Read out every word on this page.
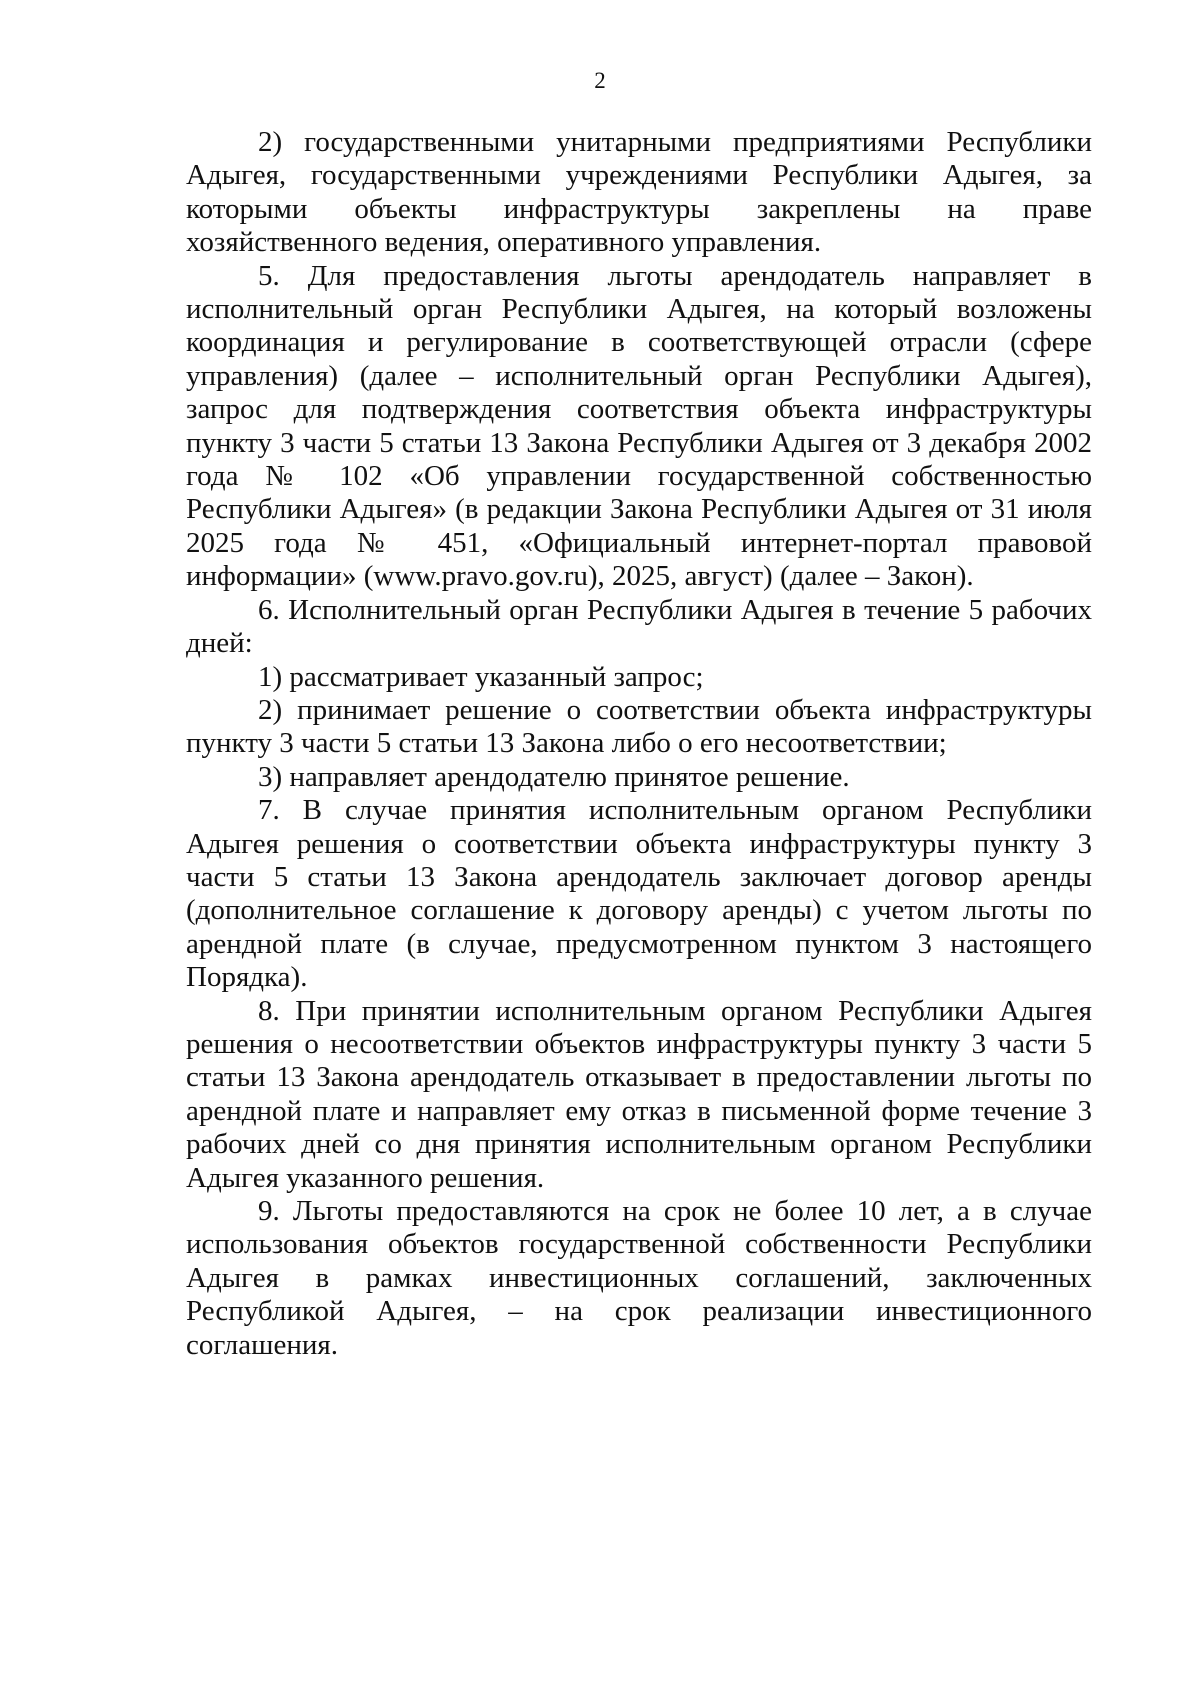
2

2) государственными унитарными предприятиями Республики Адыгея, государственными учреждениями Республики Адыгея, за которыми объекты инфраструктуры закреплены на праве хозяйственного ведения, оперативного управления.

5. Для предоставления льготы арендодатель направляет в исполнительный орган Республики Адыгея, на который возложены координация и регулирование в соответствующей отрасли (сфере управления) (далее – исполнительный орган Республики Адыгея), запрос для подтверждения соответствия объекта инфраструктуры пункту 3 части 5 статьи 13 Закона Республики Адыгея от 3 декабря 2002 года № 102 «Об управлении государственной собственностью Республики Адыгея» (в редакции Закона Республики Адыгея от 31 июля 2025 года № 451, «Официальный интернет-портал правовой информации» (www.pravo.gov.ru), 2025, август) (далее – Закон).

6. Исполнительный орган Республики Адыгея в течение 5 рабочих дней:

1) рассматривает указанный запрос;

2) принимает решение о соответствии объекта инфраструктуры пункту 3 части 5 статьи 13 Закона либо о его несоответствии;

3) направляет арендодателю принятое решение.

7. В случае принятия исполнительным органом Республики Адыгея решения о соответствии объекта инфраструктуры пункту 3 части 5 статьи 13 Закона арендодатель заключает договор аренды (дополнительное соглашение к договору аренды) с учетом льготы по арендной плате (в случае, предусмотренном пунктом 3 настоящего Порядка).

8. При принятии исполнительным органом Республики Адыгея решения о несоответствии объектов инфраструктуры пункту 3 части 5 статьи 13 Закона арендодатель отказывает в предоставлении льготы по арендной плате и направляет ему отказ в письменной форме течение 3 рабочих дней со дня принятия исполнительным органом Республики Адыгея указанного решения.

9. Льготы предоставляются на срок не более 10 лет, а в случае использования объектов государственной собственности Республики Адыгея в рамках инвестиционных соглашений, заключенных Республикой Адыгея, – на срок реализации инвестиционного соглашения.
